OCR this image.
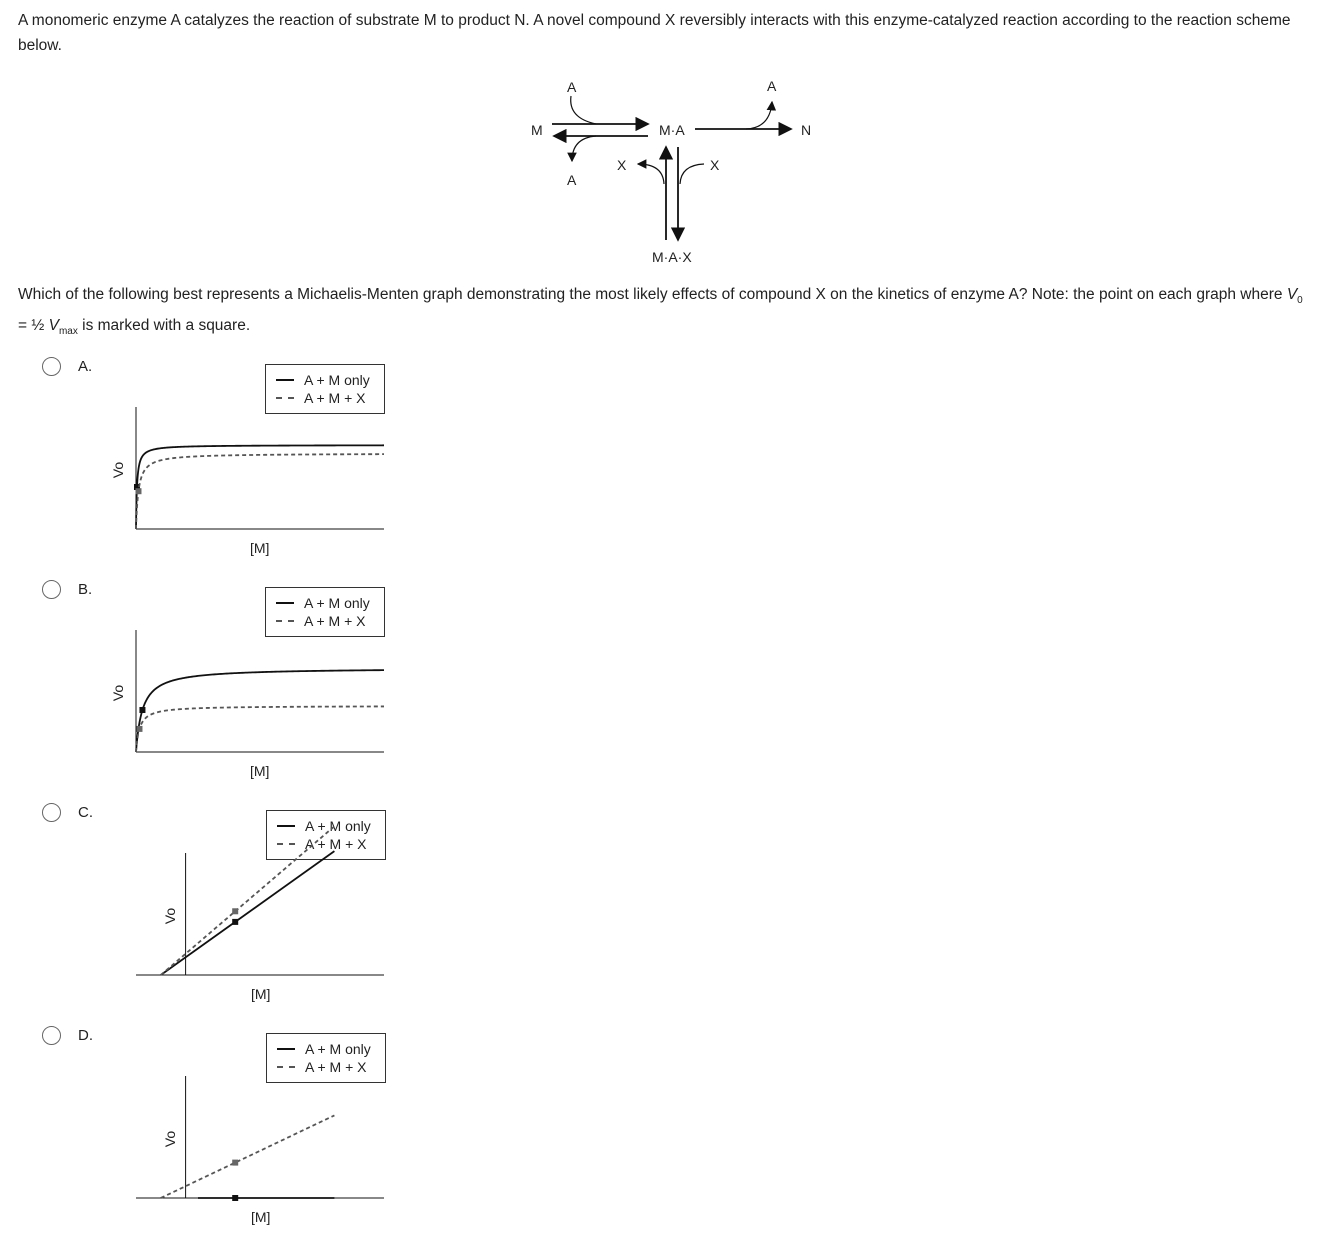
A monomeric enzyme A catalyzes the reaction of substrate M to product N. A novel compound X reversibly interacts with this enzyme-catalyzed reaction according to the reaction scheme below.
M	M·A	N
M·A·X
A
A
A
X	X
Which of the following best represents a Michaelis-Menten graph demonstrating the most likely effects of compound X on the kinetics of enzyme A? Note: the point on each graph where $V_0$ = ½ $V_{max}$ is marked with a square.
A.
A + M only
A + M + X
Vo
[M]
B.
A + M only
A + M + X
Vo
[M]
C.
A + M only
A + M + X
Vo
[M]
D.
A + M only
A + M + X
Vo
[M]
